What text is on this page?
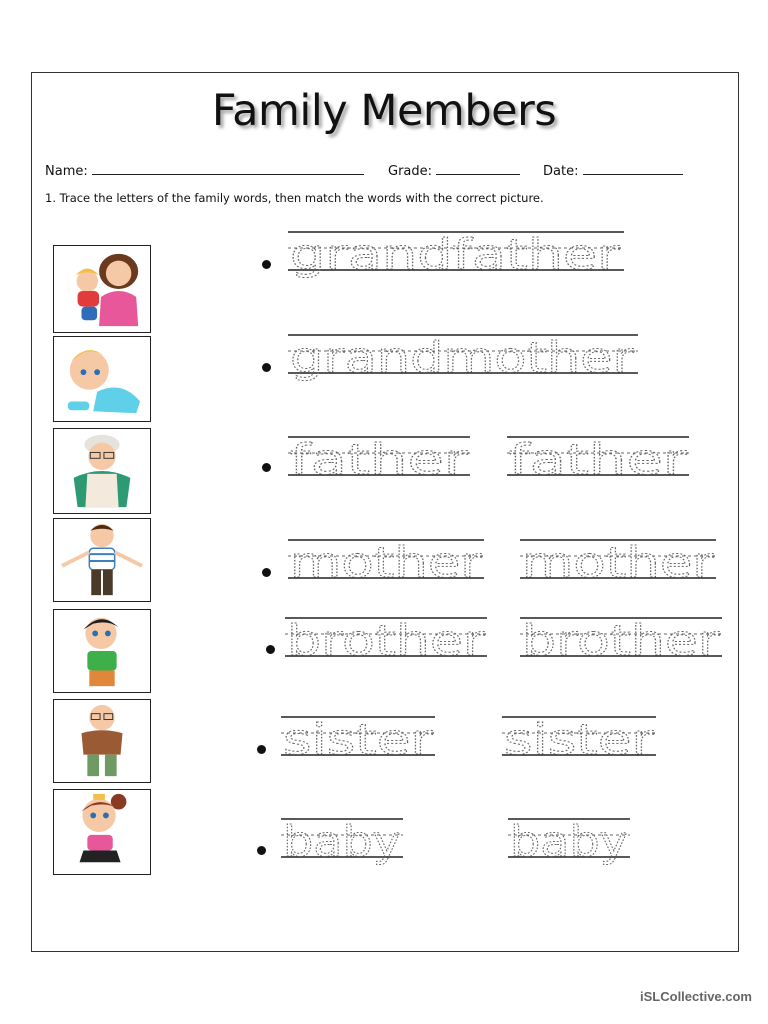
Family Members
Name:	Grade:	Date:
1. Trace the letters of the family words, then match the words with the correct picture.
grandfather
grandmother
father father
mother mother
brother brother
sister sister
baby	baby
iSLCollective.com
